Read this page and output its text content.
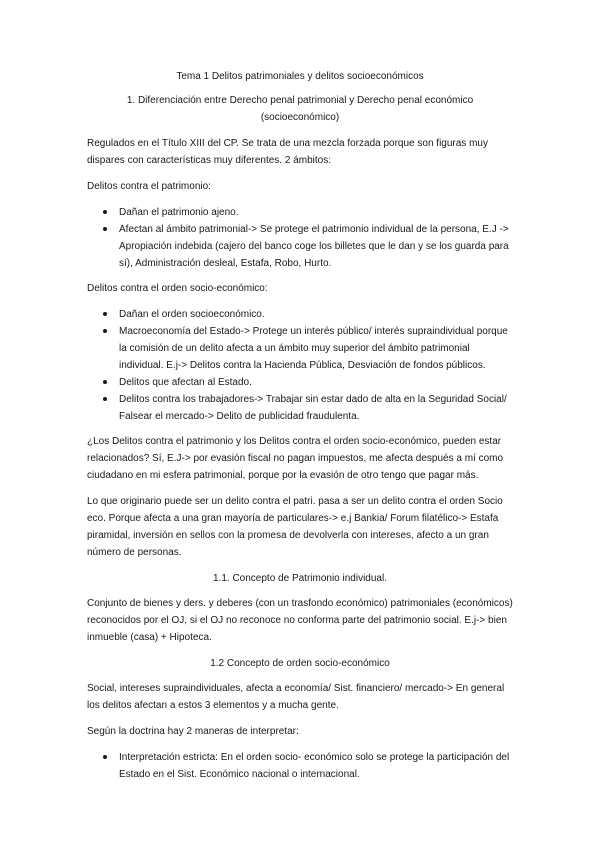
Tema 1 Delitos patrimoniales y delitos socioeconómicos

1. Diferenciación entre Derecho penal patrimonial y Derecho penal económico (socioeconómico)

Regulados en el Título XIII del CP. Se trata de una mezcla forzada porque son figuras muy dispares con características muy diferentes. 2 ámbitos:

Delitos contra el patrimonio:

Dañan el patrimonio ajeno.
Afectan al ámbito patrimonial-> Se protege el patrimonio individual de la persona, E.J -> Apropiación indebida (cajero del banco coge los billetes que le dan y se los guarda para sí), Administración desleal, Estafa, Robo, Hurto.

Delitos contra el orden socio-económico:

Dañan el orden socioeconómico.
Macroeconomía del Estado-> Protege un interés público/ interés supraindividual porque la comisión de un delito afecta a un ámbito muy superior del ámbito patrimonial individual. E.j-> Delitos contra la Hacienda Pública, Desviación de fondos públicos.
Delitos que afectan al Estado.
Delitos contra los trabajadores-> Trabajar sin estar dado de alta en la Seguridad Social/ Falsear el mercado-> Delito de publicidad fraudulenta.

¿Los Delitos contra el patrimonio y los Delitos contra el orden socio-económico, pueden estar relacionados? Sí, E.J-> por evasión fiscal no pagan impuestos, me afecta después a mí como ciudadano en mi esfera patrimonial, porque por la evasión de otro tengo que pagar más.

Lo que originario puede ser un delito contra el patri. pasa a ser un delito contra el orden Socio eco. Porque afecta a una gran mayoría de particulares-> e.j Bankia/ Forum filatélico-> Estafa piramidal, inversión en sellos con la promesa de devolverla con intereses, afecto a un gran número de personas.

1.1. Concepto de Patrimonio individual.

Conjunto de bienes y ders. y deberes (con un trasfondo económico) patrimoniales (económicos) reconocidos por el OJ, si el OJ no reconoce no conforma parte del patrimonio social. E.j-> bien inmueble (casa) + Hipoteca.

1.2 Concepto de orden socio-económico

Social, intereses supraindividuales, afecta a economía/ Sist. financiero/ mercado-> En general los delitos afectan a estos 3 elementos y a mucha gente.

Según la doctrina hay 2 maneras de interpretar:

Interpretación estricta: En el orden socio- económico solo se protege la participación del Estado en el Sist. Económico nacional o internacional.
